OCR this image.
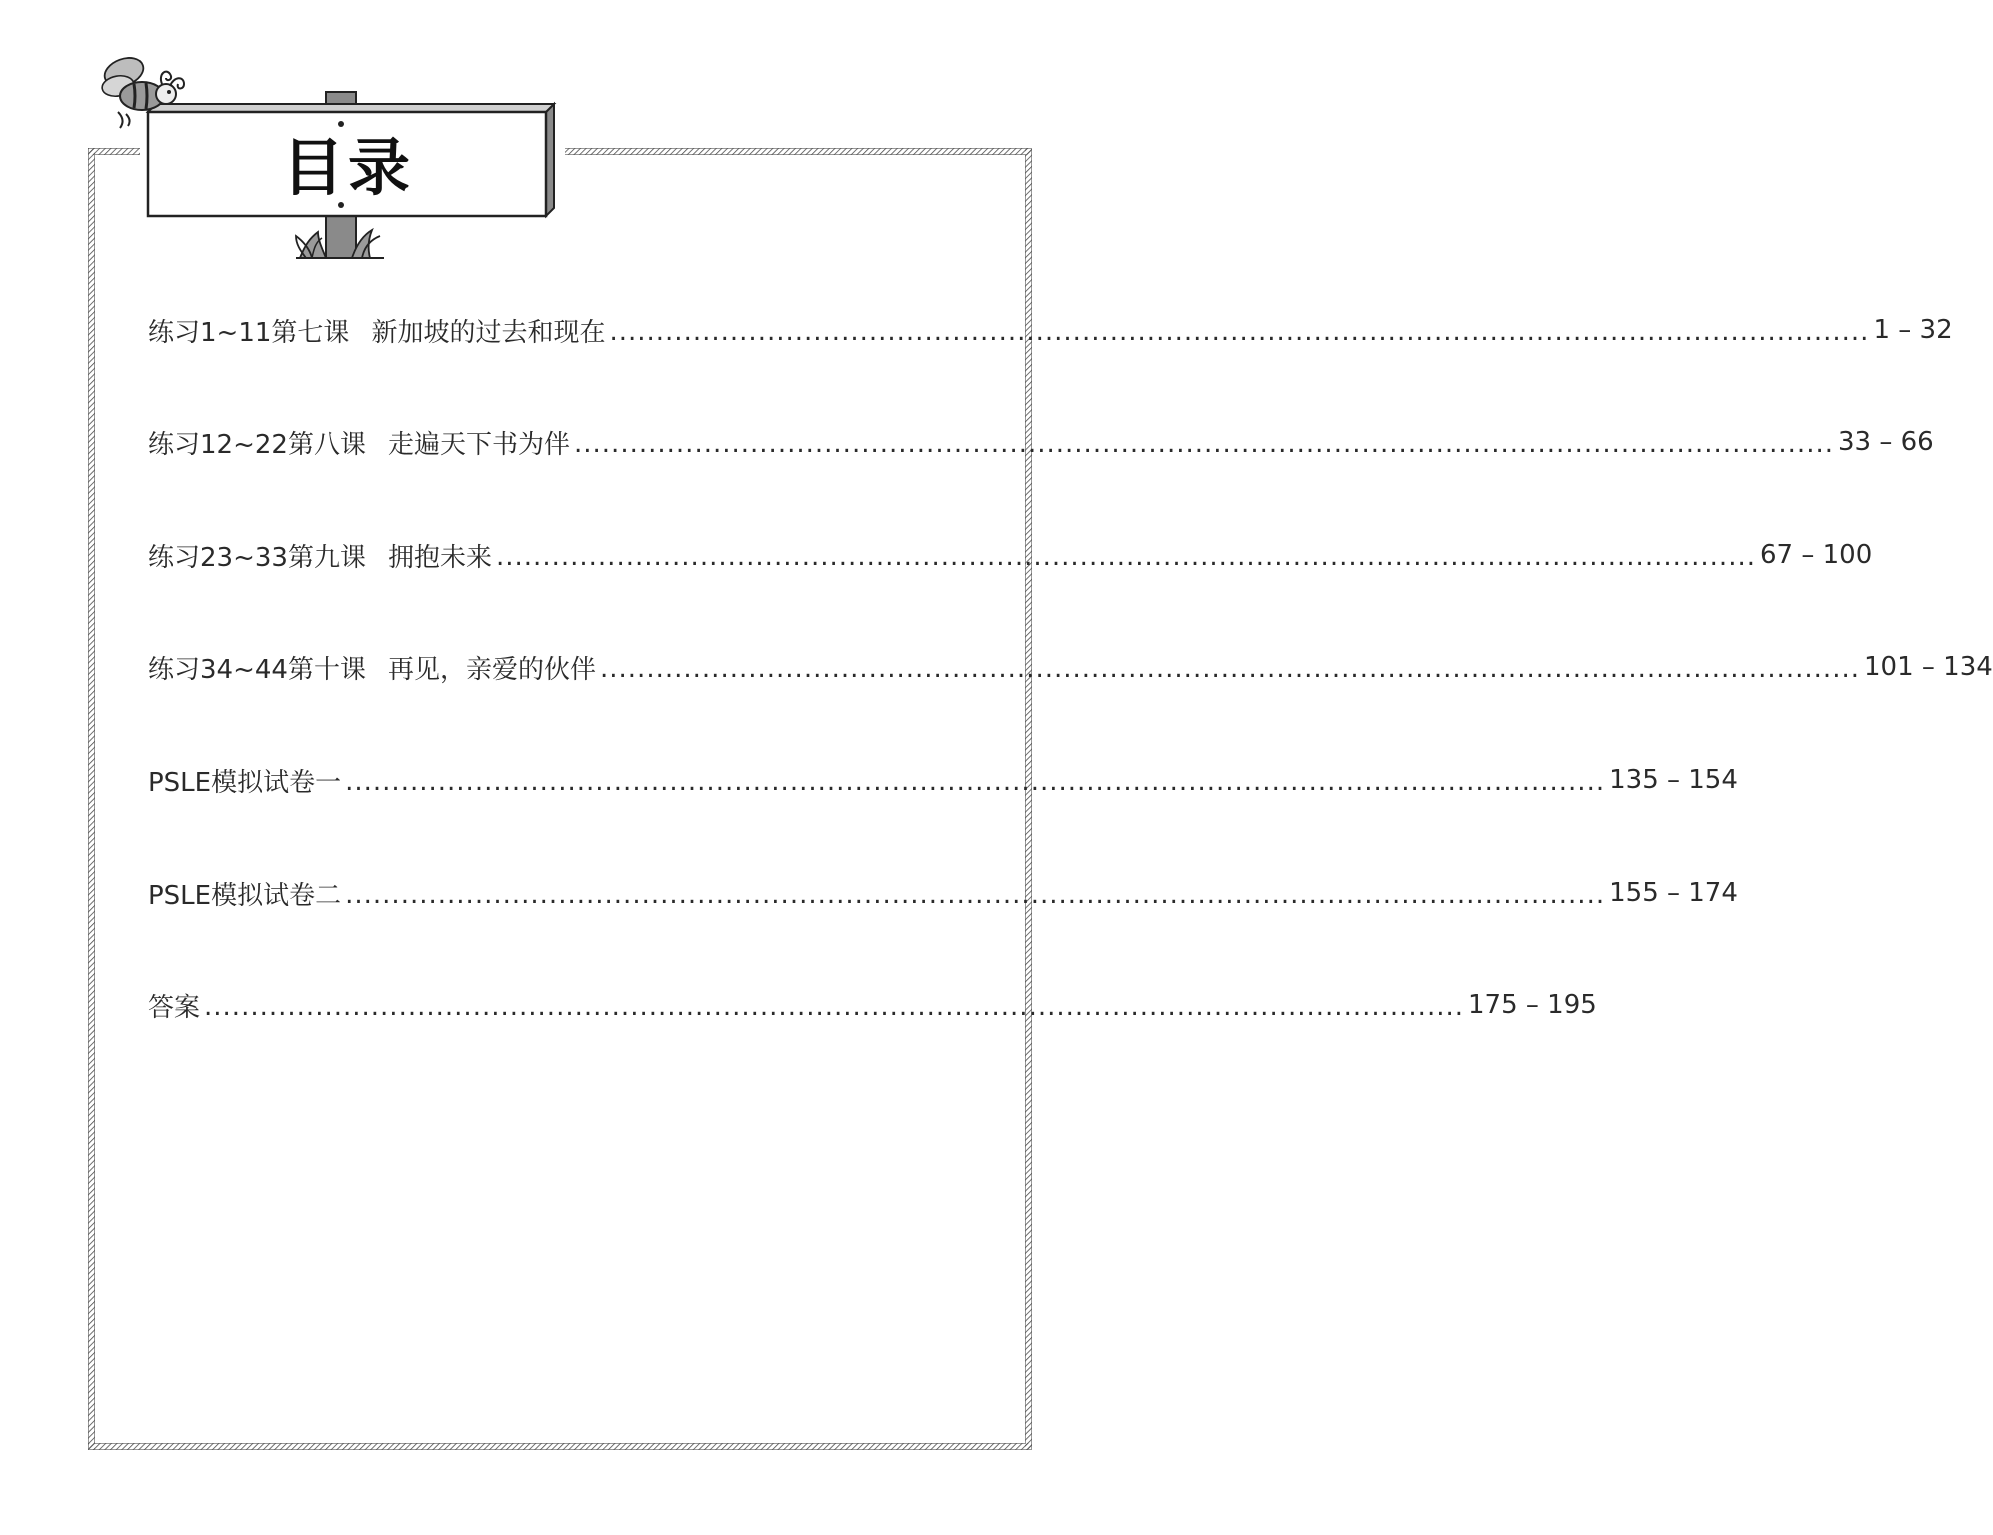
目录
练习1~11 第七课 新加坡的过去和现在 ........................................................................................................................................ 1 – 32
练习12~22 第八课 走遍天下书为伴 ........................................................................................................................................ 33 – 66
练习23~33 第九课 拥抱未来 ........................................................................................................................................ 67 – 100
练习34~44 第十课 再见，亲爱的伙伴 ........................................................................................................................................ 101 – 134
PSLE模拟试卷一 ........................................................................................................................................ 135 – 154
PSLE模拟试卷二 ........................................................................................................................................ 155 – 174
答案 ........................................................................................................................................ 175 – 195
